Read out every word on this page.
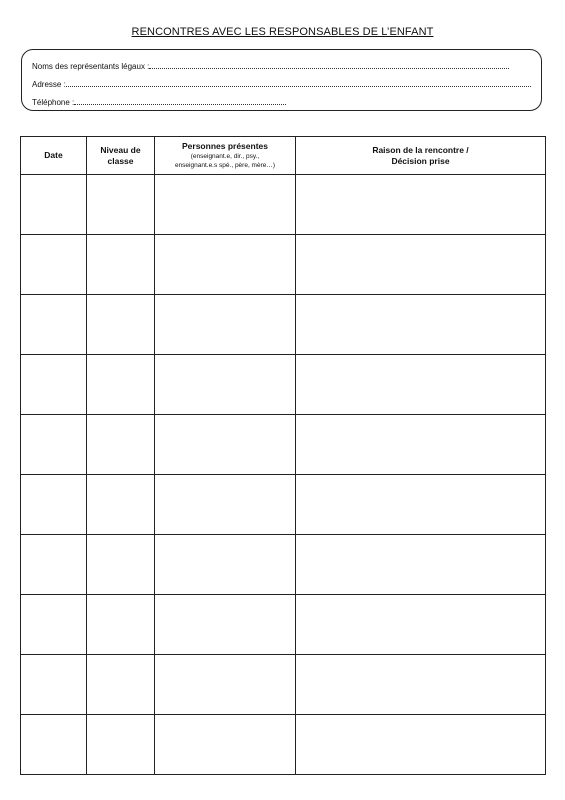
RENCONTRES AVEC LES RESPONSABLES DE L’ENFANT
Noms des représentants légaux :
Adresse :
Téléphone :
Date	Niveau de classe	Personnes présentes
(enseignant.e, dir., psy.,
enseignant.e.s spé., père, mère…)	Raison de la rencontre /
Décision prise
